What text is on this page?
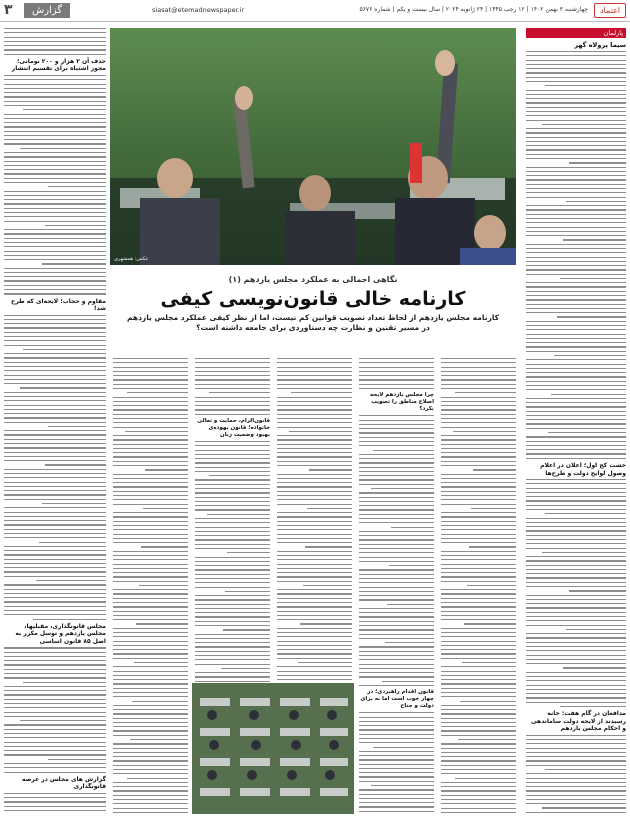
۳	گزارش	siasat@etemadnewspaper.ir	چهارشنبه ۳ بهمن ۱۴۰۲ | ۱۲ رجب ۱۴۴۵ | ۲۴ ژانویه ۲۰۲۴ | سال بیست و یکم | شماره ۵۶۷۶	اعتماد
پارلمان
سیما پرولاه گهر
خشت کج اول؛ اعلان در اعلام وصول لوایح دولت و طرح‌ها
مدافعان در گام هفت: خانه رسیدند از لایحه دولت ساماندهی و احکام مجلس یازدهم
حذف آن ۲ هزار و ۲۰۰ نومانی؛ مجوز اشتباه برای تقسیم انتشار
مقاوم و حجاب؛ لایحه‌ای که طرح شد!
مجلس قانونگذاری، مقبلیها، مجلس یازدهم و توسل مکرر به اصل ۸۵ قانون اساسی
گزارش های مجلس در عرصه قانونگذاری
عکس: همشهری
نگاهی اجمالی به عملکرد مجلس یازدهم (۱)
کارنامه خالی قانون‌نویسی کیفی
کارنامه مجلس یازدهم از لحاظ تعداد تصویب قوانین کم نیست، اما از نظر کیفی عملکرد مجلس یازدهم در مسیر تقنین و نظارت چه دستاوردی برای جامعه داشته است؟
چرا مجلس یازدهم لایحه اصلاح مناطق را تصویب نکرد؟
قانون اقدام راهبردی؛ در چهار خوب است اما نه برای دولت و جناح
قانون‌الزام، حمایت و تعالی خانواده؛ قانون بهوده‌ی بهبود وضعیت زنان
